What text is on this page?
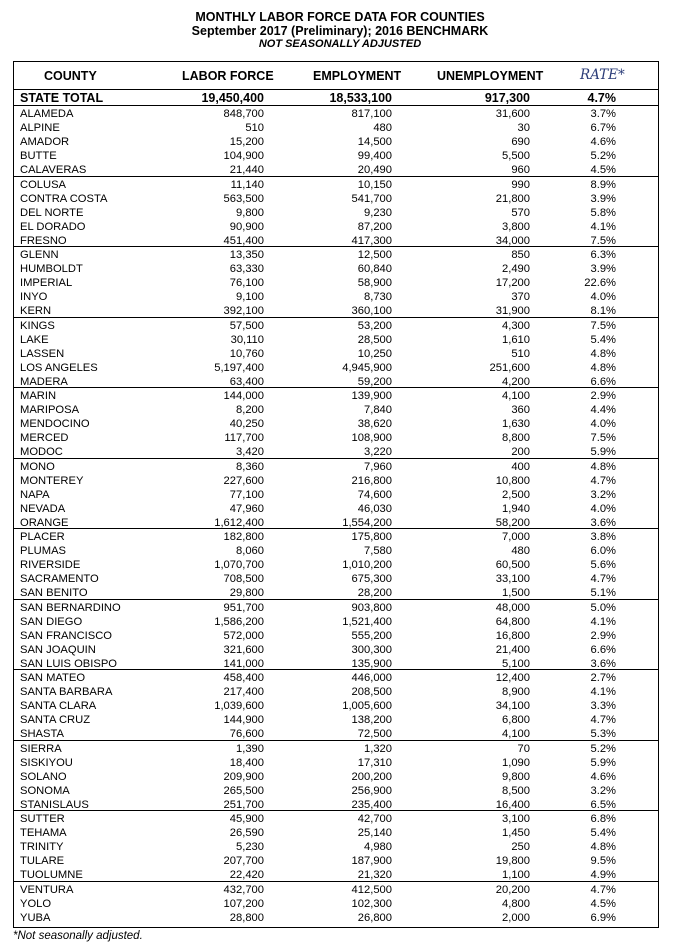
MONTHLY LABOR FORCE DATA FOR COUNTIES
September 2017 (Preliminary); 2016 BENCHMARK
NOT SEASONALLY ADJUSTED
COUNTY	LABOR FORCE	EMPLOYMENT	UNEMPLOYMENT	RATE*
STATE TOTAL	19,450,400	18,533,100	917,300	4.7%
ALAMEDA	848,700	817,100	31,600	3.7%
ALPINE	510	480	30	6.7%
AMADOR	15,200	14,500	690	4.6%
BUTTE	104,900	99,400	5,500	5.2%
CALAVERAS	21,440	20,490	960	4.5%
COLUSA	11,140	10,150	990	8.9%
CONTRA COSTA	563,500	541,700	21,800	3.9%
DEL NORTE	9,800	9,230	570	5.8%
EL DORADO	90,900	87,200	3,800	4.1%
FRESNO	451,400	417,300	34,000	7.5%
GLENN	13,350	12,500	850	6.3%
HUMBOLDT	63,330	60,840	2,490	3.9%
IMPERIAL	76,100	58,900	17,200	22.6%
INYO	9,100	8,730	370	4.0%
KERN	392,100	360,100	31,900	8.1%
KINGS	57,500	53,200	4,300	7.5%
LAKE	30,110	28,500	1,610	5.4%
LASSEN	10,760	10,250	510	4.8%
LOS ANGELES	5,197,400	4,945,900	251,600	4.8%
MADERA	63,400	59,200	4,200	6.6%
MARIN	144,000	139,900	4,100	2.9%
MARIPOSA	8,200	7,840	360	4.4%
MENDOCINO	40,250	38,620	1,630	4.0%
MERCED	117,700	108,900	8,800	7.5%
MODOC	3,420	3,220	200	5.9%
MONO	8,360	7,960	400	4.8%
MONTEREY	227,600	216,800	10,800	4.7%
NAPA	77,100	74,600	2,500	3.2%
NEVADA	47,960	46,030	1,940	4.0%
ORANGE	1,612,400	1,554,200	58,200	3.6%
PLACER	182,800	175,800	7,000	3.8%
PLUMAS	8,060	7,580	480	6.0%
RIVERSIDE	1,070,700	1,010,200	60,500	5.6%
SACRAMENTO	708,500	675,300	33,100	4.7%
SAN BENITO	29,800	28,200	1,500	5.1%
SAN BERNARDINO	951,700	903,800	48,000	5.0%
SAN DIEGO	1,586,200	1,521,400	64,800	4.1%
SAN FRANCISCO	572,000	555,200	16,800	2.9%
SAN JOAQUIN	321,600	300,300	21,400	6.6%
SAN LUIS OBISPO	141,000	135,900	5,100	3.6%
SAN MATEO	458,400	446,000	12,400	2.7%
SANTA BARBARA	217,400	208,500	8,900	4.1%
SANTA CLARA	1,039,600	1,005,600	34,100	3.3%
SANTA CRUZ	144,900	138,200	6,800	4.7%
SHASTA	76,600	72,500	4,100	5.3%
SIERRA	1,390	1,320	70	5.2%
SISKIYOU	18,400	17,310	1,090	5.9%
SOLANO	209,900	200,200	9,800	4.6%
SONOMA	265,500	256,900	8,500	3.2%
STANISLAUS	251,700	235,400	16,400	6.5%
SUTTER	45,900	42,700	3,100	6.8%
TEHAMA	26,590	25,140	1,450	5.4%
TRINITY	5,230	4,980	250	4.8%
TULARE	207,700	187,900	19,800	9.5%
TUOLUMNE	22,420	21,320	1,100	4.9%
VENTURA	432,700	412,500	20,200	4.7%
YOLO	107,200	102,300	4,800	4.5%
YUBA	28,800	26,800	2,000	6.9%
*Not seasonally adjusted.
